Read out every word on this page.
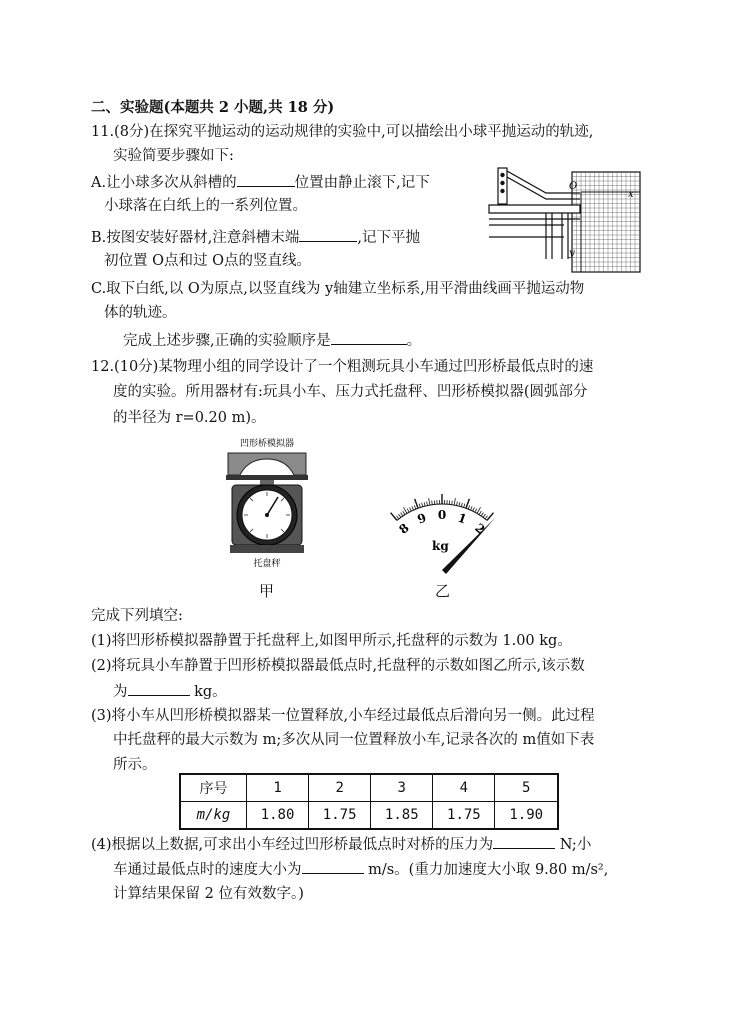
二、实验题(本题共 2 小题,共 18 分)
11.(8分)在探究平抛运动的运动规律的实验中,可以描绘出小球平抛运动的轨迹,
实验简要步骤如下:
A.让小球多次从斜槽的	位置由静止滚下,记下
小球落在白纸上的一系列位置。
B.按图安装好器材,注意斜槽末端	,记下平抛
初位置 O点和过 O点的竖直线。
C.取下白纸,以 O为原点,以竖直线为 y轴建立坐标系,用平滑曲线画平抛运动物
体的轨迹。
完成上述步骤,正确的实验顺序是	。
O
x
y
12.(10分)某物理小组的同学设计了一个粗测玩具小车通过凹形桥最低点时的速
度的实验。所用器材有:玩具小车、压力式托盘秤、凹形桥模拟器(圆弧部分
的半径为 r=0.20 m)。
凹形桥模拟器
托盘秤
甲
8
9 0 1
2
kg
乙
完成下列填空:
(1)将凹形桥模拟器静置于托盘秤上,如图甲所示,托盘秤的示数为 1.00 kg。
(2)将玩具小车静置于凹形桥模拟器最低点时,托盘秤的示数如图乙所示,该示数
为	kg。
(3)将小车从凹形桥模拟器某一位置释放,小车经过最低点后滑向另一侧。此过程
中托盘秤的最大示数为 m;多次从同一位置释放小车,记录各次的 m值如下表
所示。
序号	1	2	3	4	5
m/kg	1.80	1.75	1.85	1.75	1.90
(4)根据以上数据,可求出小车经过凹形桥最低点时对桥的压力为	N;小
车通过最低点时的速度大小为	m/s。(重力加速度大小取 9.80 m/s²,
计算结果保留 2 位有效数字。)
